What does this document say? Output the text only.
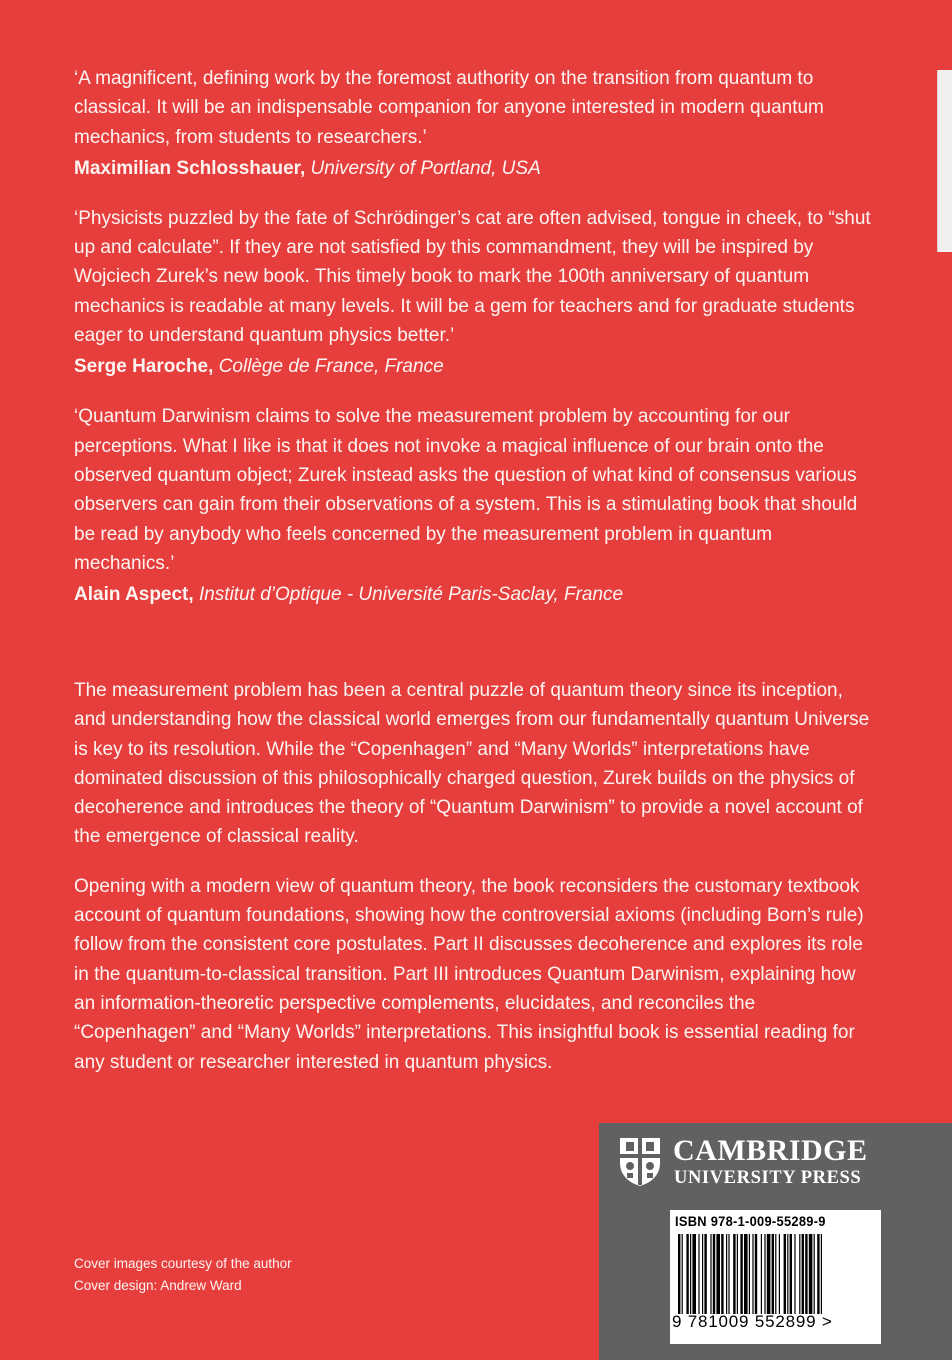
‘A magnificent, defining work by the foremost authority on the transition from quantum to classical. It will be an indispensable companion for anyone interested in modern quantum mechanics, from students to researchers.’

Maximilian Schlosshauer, University of Portland, USA

‘Physicists puzzled by the fate of Schrödinger’s cat are often advised, tongue in cheek, to “shut up and calculate”. If they are not satisfied by this commandment, they will be inspired by Wojciech Zurek’s new book. This timely book to mark the 100th anniversary of quantum mechanics is readable at many levels. It will be a gem for teachers and for graduate students eager to understand quantum physics better.’

Serge Haroche, Collège de France, France

‘Quantum Darwinism claims to solve the measurement problem by accounting for our perceptions. What I like is that it does not invoke a magical influence of our brain onto the observed quantum object; Zurek instead asks the question of what kind of consensus various observers can gain from their observations of a system. This is a stimulating book that should be read by anybody who feels concerned by the measurement problem in quantum mechanics.’

Alain Aspect, Institut d’Optique - Université Paris-Saclay, France

The measurement problem has been a central puzzle of quantum theory since its inception, and understanding how the classical world emerges from our fundamentally quantum Universe is key to its resolution. While the “Copenhagen” and “Many Worlds” interpretations have dominated discussion of this philosophically charged question, Zurek builds on the physics of decoherence and introduces the theory of “Quantum Darwinism” to provide a novel account of the emergence of classical reality.

Opening with a modern view of quantum theory, the book reconsiders the customary textbook account of quantum foundations, showing how the controversial axioms (including Born’s rule) follow from the consistent core postulates. Part II discusses decoherence and explores its role in the quantum-to-classical transition. Part III introduces Quantum Darwinism, explaining how an information-theoretic perspective complements, elucidates, and reconciles the “Copenhagen” and “Many Worlds” interpretations. This insightful book is essential reading for any student or researcher interested in quantum physics.

Cover images courtesy of the author
Cover design: Andrew Ward
CAMBRIDGE
UNIVERSITY PRESS
ISBN 978-1-009-55289-9
9 781009 552899 >
